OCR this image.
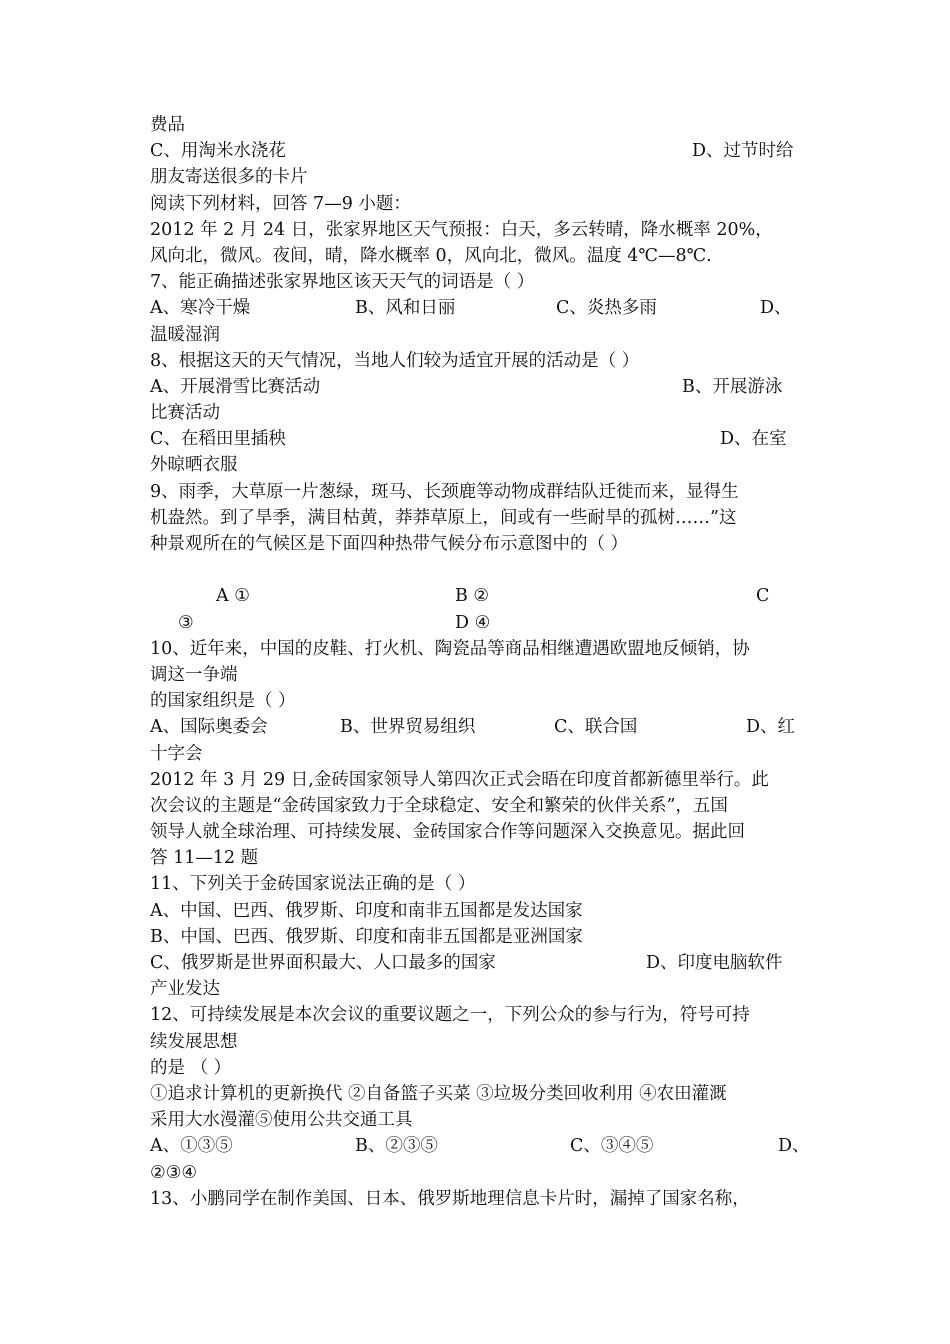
费品
C、用淘米水浇花	D、过节时给
朋友寄送很多的卡片
阅读下列材料，回答 7—9 小题：
2012 年 2 月 24 日，张家界地区天气预报：白天，多云转晴，降水概率 20%，
风向北，微风。夜间，晴，降水概率 0，风向北，微风。温度 4℃—8℃.
7、能正确描述张家界地区该天天气的词语是（ ）
A、寒冷干燥	B、风和日丽	C、炎热多雨	D、
温暖湿润
8、根据这天的天气情况，当地人们较为适宜开展的活动是（ ）
A、开展滑雪比赛活动	B、开展游泳
比赛活动
C、在稻田里插秧	D、在室
外晾晒衣服
9、雨季，大草原一片葱绿，斑马、长颈鹿等动物成群结队迁徙而来，显得生
机盎然。到了旱季，满目枯黄，莽莽草原上，间或有一些耐旱的孤树……”这
种景观所在的气候区是下面四种热带气候分布示意图中的（ ）
A ①	B ②	C
③	D ④
10、近年来，中国的皮鞋、打火机、陶瓷品等商品相继遭遇欧盟地反倾销，协
调这一争端
的国家组织是（ ）
A、国际奥委会	B、世界贸易组织	C、联合国	D、红
十字会
2012 年 3 月 29 日,金砖国家领导人第四次正式会晤在印度首都新德里举行。此
次会议的主题是“金砖国家致力于全球稳定、安全和繁荣的伙伴关系”，五国
领导人就全球治理、可持续发展、金砖国家合作等问题深入交换意见。据此回
答 11—12 题
11、下列关于金砖国家说法正确的是（ ）
A、中国、巴西、俄罗斯、印度和南非五国都是发达国家
B、中国、巴西、俄罗斯、印度和南非五国都是亚洲国家
C、俄罗斯是世界面积最大、人口最多的国家	D、印度电脑软件
产业发达
12、可持续发展是本次会议的重要议题之一，下列公众的参与行为，符号可持
续发展思想
的是 （ ）
①追求计算机的更新换代 ②自备篮子买菜 ③垃圾分类回收利用 ④农田灌溉
采用大水漫灌⑤使用公共交通工具
A、①③⑤	B、②③⑤	C、③④⑤	D、
②③④
13、小鹏同学在制作美国、日本、俄罗斯地理信息卡片时，漏掉了国家名称，
